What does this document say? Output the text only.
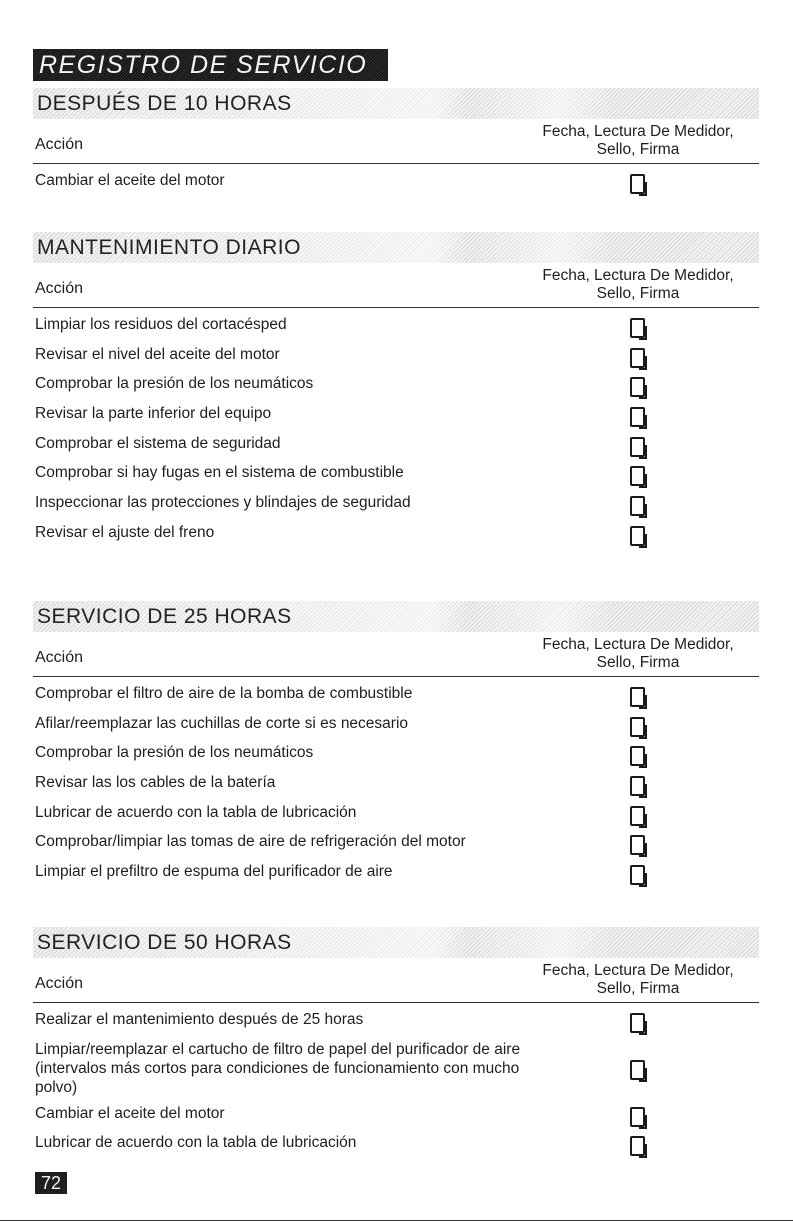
REGISTRO DE SERVICIO
DESPUÉS DE 10 HORAS
Acción
Fecha, Lectura De Medidor,
Sello, Firma
Cambiar el aceite del motor
MANTENIMIENTO DIARIO
Acción
Fecha, Lectura De Medidor,
Sello, Firma
Limpiar los residuos del cortacésped
Revisar el nivel del aceite del motor
Comprobar la presión de los neumáticos
Revisar la parte inferior del equipo
Comprobar el sistema de seguridad
Comprobar si hay fugas en el sistema de combustible
Inspeccionar las protecciones y blindajes de seguridad
Revisar el ajuste del freno
SERVICIO DE 25 HORAS
Acción
Fecha, Lectura De Medidor,
Sello, Firma
Comprobar el filtro de aire de la bomba de combustible
Afilar/reemplazar las cuchillas de corte si es necesario
Comprobar la presión de los neumáticos
Revisar las los cables de la batería
Lubricar de acuerdo con la tabla de lubricación
Comprobar/limpiar las tomas de aire de refrigeración del motor
Limpiar el prefiltro de espuma del purificador de aire
SERVICIO DE 50 HORAS
Acción
Fecha, Lectura De Medidor,
Sello, Firma
Realizar el mantenimiento después de 25 horas
Limpiar/reemplazar el cartucho de filtro de papel del purificador de aire (intervalos más cortos para condiciones de funcionamiento con mucho polvo)
Cambiar el aceite del motor
Lubricar de acuerdo con la tabla de lubricación
72
